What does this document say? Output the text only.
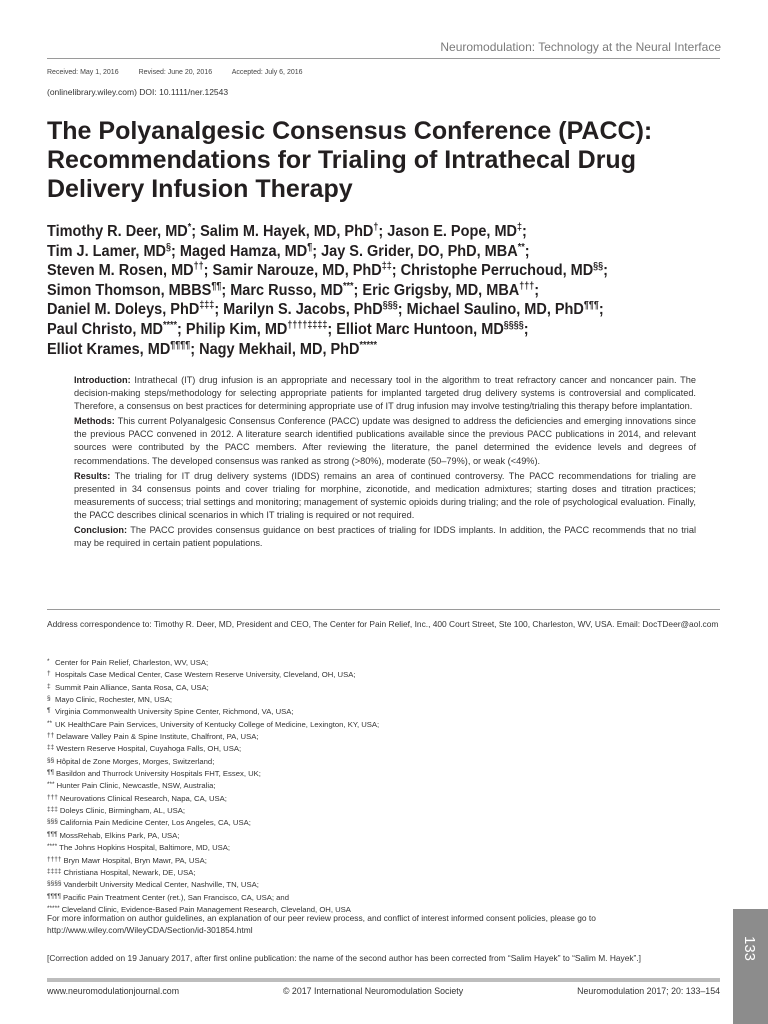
Neuromodulation: Technology at the Neural Interface
Received: May 1, 2016	Revised: June 20, 2016	Accepted: July 6, 2016
(onlinelibrary.wiley.com) DOI: 10.1111/ner.12543
The Polyanalgesic Consensus Conference (PACC): Recommendations for Trialing of Intrathecal Drug Delivery Infusion Therapy
Timothy R. Deer, MD*; Salim M. Hayek, MD, PhD†; Jason E. Pope, MD‡;
Tim J. Lamer, MD§; Maged Hamza, MD¶; Jay S. Grider, DO, PhD, MBA**;
Steven M. Rosen, MD††; Samir Narouze, MD, PhD‡‡; Christophe Perruchoud, MD§§;
Simon Thomson, MBBS¶¶; Marc Russo, MD***; Eric Grigsby, MD, MBA†††;
Daniel M. Doleys, PhD‡‡‡; Marilyn S. Jacobs, PhD§§§; Michael Saulino, MD, PhD¶¶¶;
Paul Christo, MD****; Philip Kim, MD††††‡‡‡‡; Elliot Marc Huntoon, MD§§§§;
Elliot Krames, MD¶¶¶¶; Nagy Mekhail, MD, PhD*****

Introduction: Intrathecal (IT) drug infusion is an appropriate and necessary tool in the algorithm to treat refractory cancer and noncancer pain. The decision-making steps/methodology for selecting appropriate patients for implanted targeted drug delivery systems is controversial and complicated. Therefore, a consensus on best practices for determining appropriate use of IT drug infusion may involve testing/trialing this therapy before implantation.

Methods: This current Polyanalgesic Consensus Conference (PACC) update was designed to address the deficiencies and emerging innovations since the previous PACC convened in 2012. A literature search identified publications available since the previous PACC publications in 2014, and relevant sources were contributed by the PACC members. After reviewing the literature, the panel determined the evidence levels and degrees of recommendations. The developed consensus was ranked as strong (>80%), moderate (50–79%), or weak (<49%).

Results: The trialing for IT drug delivery systems (IDDS) remains an area of continued controversy. The PACC recommendations for trialing are presented in 34 consensus points and cover trialing for morphine, ziconotide, and medication admixtures; starting doses and titration practices; measurements of success; trial settings and monitoring; management of systemic opioids during trialing; and the role of psychological evaluation. Finally, the PACC describes clinical scenarios in which IT trialing is required or not required.

Conclusion: The PACC provides consensus guidance on best practices of trialing for IDDS implants. In addition, the PACC recommends that no trial may be required in certain patient populations.

Address correspondence to: Timothy R. Deer, MD, President and CEO, The Center for Pain Relief, Inc., 400 Court Street, Ste 100, Charleston, WV, USA. Email: DocTDeer@aol.com
* Center for Pain Relief, Charleston, WV, USA;
† Hospitals Case Medical Center, Case Western Reserve University, Cleveland, OH, USA;
‡ Summit Pain Alliance, Santa Rosa, CA, USA;
§ Mayo Clinic, Rochester, MN, USA;
¶ Virginia Commonwealth University Spine Center, Richmond, VA, USA;
** UK HealthCare Pain Services, University of Kentucky College of Medicine, Lexington, KY, USA;
†† Delaware Valley Pain & Spine Institute, Chalfront, PA, USA;
‡‡ Western Reserve Hospital, Cuyahoga Falls, OH, USA;
§§ Hôpital de Zone Morges, Morges, Switzerland;
¶¶ Basildon and Thurrock University Hospitals FHT, Essex, UK;
*** Hunter Pain Clinic, Newcastle, NSW, Australia;
††† Neurovations Clinical Research, Napa, CA, USA;
‡‡‡ Doleys Clinic, Birmingham, AL, USA;
§§§ California Pain Medicine Center, Los Angeles, CA, USA;
¶¶¶ MossRehab, Elkins Park, PA, USA;
**** The Johns Hopkins Hospital, Baltimore, MD, USA;
†††† Bryn Mawr Hospital, Bryn Mawr, PA, USA;
‡‡‡‡ Christiana Hospital, Newark, DE, USA;
§§§§ Vanderbilt University Medical Center, Nashville, TN, USA;
¶¶¶¶ Pacific Pain Treatment Center (ret.), San Francisco, CA, USA; and
***** Cleveland Clinic, Evidence-Based Pain Management Research, Cleveland, OH, USA
For more information on author guidelines, an explanation of our peer review process, and conflict of interest informed consent policies, please go to http://www.wiley.com/WileyCDA/Section/id-301854.html
[Correction added on 19 January 2017, after first online publication: the name of the second author has been corrected from “Salim Hayek” to “Salim M. Hayek”.]
www.neuromodulationjournal.com	© 2017 International Neuromodulation Society	Neuromodulation 2017; 20: 133–154
133
